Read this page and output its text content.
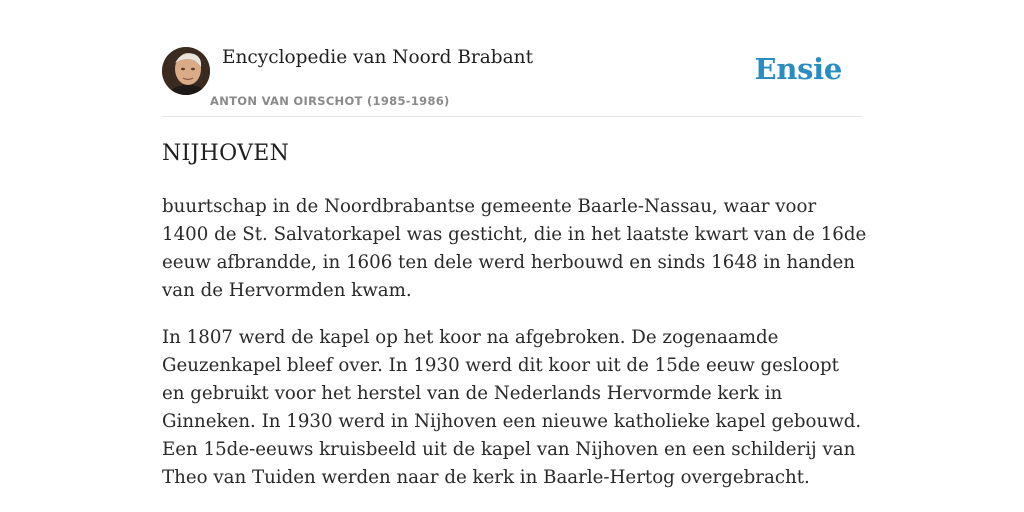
Encyclopedie van Noord Brabant
ANTON VAN OIRSCHOT (1985-1986)
Ensie
NIJHOVEN

buurtschap in de Noordbrabantse gemeente Baarle-Nassau, waar voor 1400 de St. Salvatorkapel was gesticht, die in het laatste kwart van de 16de eeuw afbrandde, in 1606 ten dele werd herbouwd en sinds 1648 in handen van de Hervormden kwam.

In 1807 werd de kapel op het koor na afgebroken. De zogenaamde Geuzenkapel bleef over. In 1930 werd dit koor uit de 15de eeuw gesloopt en gebruikt voor het herstel van de Nederlands Hervormde kerk in Ginneken. In 1930 werd in Nijhoven een nieuwe katholieke kapel gebouwd. Een 15de-eeuws kruisbeeld uit de kapel van Nijhoven en een schilderij van Theo van Tuiden werden naar de kerk in Baarle-Hertog overgebracht.
